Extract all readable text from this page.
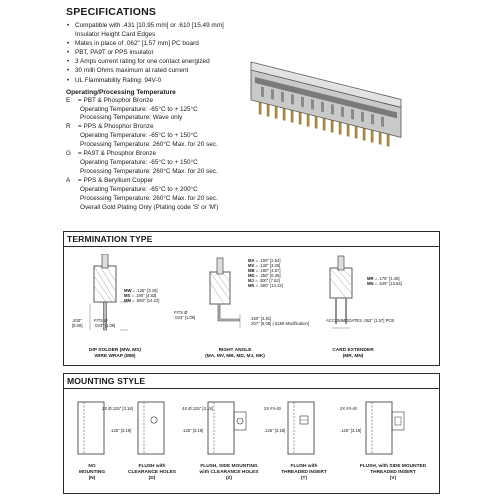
SPECIFICATIONS
• Compatible with .431 [10.95 mm] or .610 [15.49 mm]
Insulator Height Card Edges
• Mates in place of .062" [1.57 mm] PC board
• PBT, PA9T or PPS insulator
• 3 Amps current rating for one contact energized
• 30 milli Ohms maximum at rated current
• UL Flammability Rating: 94V-0
Operating/Processing Temperature
E = PBT & Phosphor Bronze
Operating Temperature: -65°C to + 125°C
Processing Temperature: Wave only
R = PPS & Phosphor Bronze
Operating Temperature: -65°C to + 150°C
Processing Temperature: 260°C Max. for 20 sec.
G = PA9T & Phosphor Bronze
Operating Temperature: -65°C to + 150°C
Processing Temperature: 260°C Max. for 20 sec.
A = PPS & Beryllium Copper
Operating Temperature: -65°C to + 200°C
Processing Temperature: 260°C Max. for 20 sec.
Overall Gold Plating Only (Plating code 'S' or 'M')
TERMINATION TYPE
MW = .125" [3.18]
MS = .190" [4.83]
MM = .560" [14.22]
.200"
[5.08]
FITS Ø
.043" [1.09]
DIP SOLDER (MW, MS)
WIRE WRAP (MM)
MA = .100" [2.54]
MV = .130" [3.30]
MB = .180" [4.57]
MD = .250" [6.35]
MJ = .300" [7.62]
MK = .560" [14.22]
FITS Ø
.043" [1.09]	.150" [3.81]
.207" [5.08] (.5189 Modification)
RIGHT ANGLE
(MA, MV, MB, MD, MJ, MK)
MR = .175" [4.45]
MN = .545" [13.84]
ACCOMMODATES .062" [1.57] PCB
CARD EXTENDER
(MR, MN)
MOUNTING STYLE
NO
MOUNTING
(N)
2X Ø.125" [3.18]
.125" [3.18]
FLUSH with
CLEARANCE HOLES
(D)
4X Ø.125" [3.18]
.125" [3.18]
FLUSH, SIDE MOUNTING
with CLEARANCE HOLES
(Z)
2X #4-40
.125" [3.18]
FLUSH with
THREADED INSERT
(T)
2X #4-40
.125" [3.18]
FLUSH, with SIDE MOUNTED
THREADED INSERT
(V)
